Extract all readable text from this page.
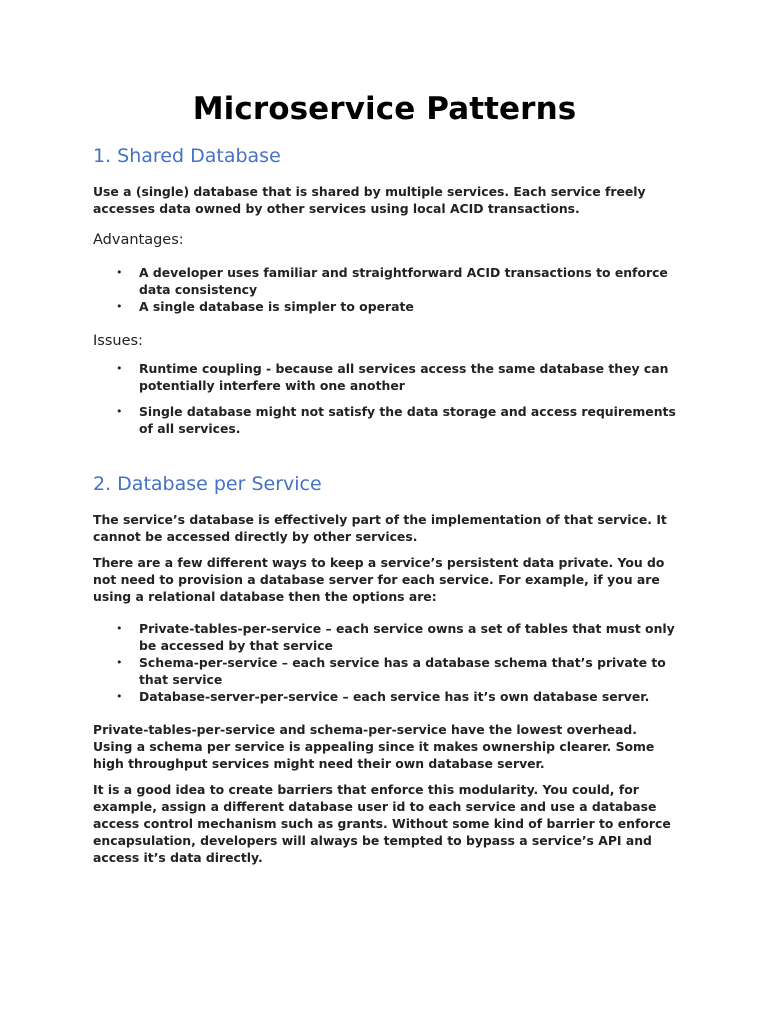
Microservice Patterns
1. Shared Database

Use a (single) database that is shared by multiple services. Each service freely accesses data owned by other services using local ACID transactions.

Advantages:
• A developer uses familiar and straightforward ACID transactions to enforce data consistency
• A single database is simpler to operate
Issues:
• Runtime coupling - because all services access the same database they can potentially interfere with one another
• Single database might not satisfy the data storage and access requirements of all services.
2. Database per Service

The service’s database is effectively part of the implementation of that service. It cannot be accessed directly by other services.

There are a few different ways to keep a service’s persistent data private. You do not need to provision a database server for each service. For example, if you are using a relational database then the options are:

• Private-tables-per-service – each service owns a set of tables that must only be accessed by that service
• Schema-per-service – each service has a database schema that’s private to that service
• Database-server-per-service – each service has it’s own database server.

Private-tables-per-service and schema-per-service have the lowest overhead. Using a schema per service is appealing since it makes ownership clearer. Some high throughput services might need their own database server.

It is a good idea to create barriers that enforce this modularity. You could, for example, assign a different database user id to each service and use a database access control mechanism such as grants. Without some kind of barrier to enforce encapsulation, developers will always be tempted to bypass a service’s API and access it’s data directly.
